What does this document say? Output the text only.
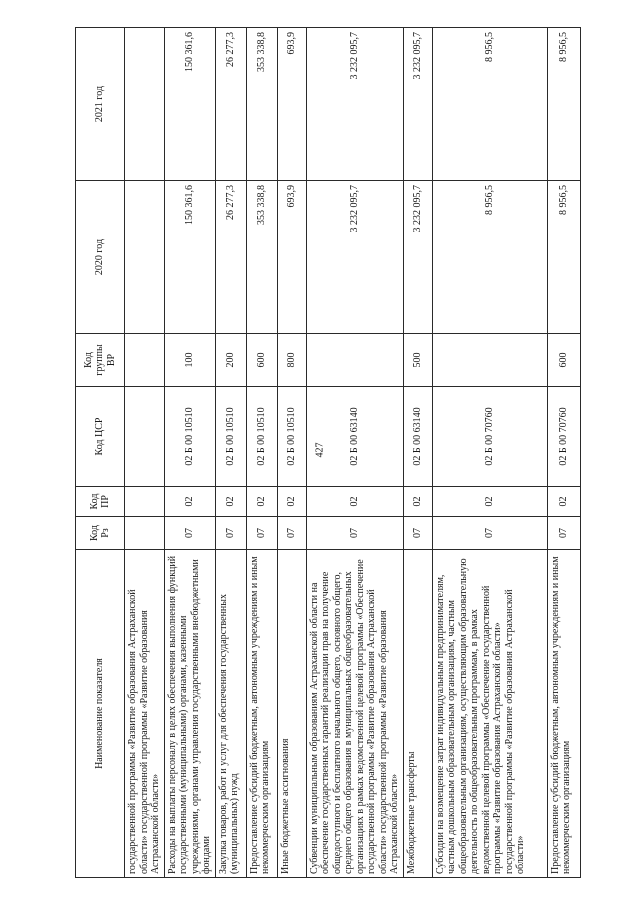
427
Наименование показателя	Код Рз	Код ПР	Код ЦСР	Код группы ВР	2020 год	2021 год
государственной программы «Развитие образования Астраханской области» государственной программы «Развитие образования Астраханской области»						
Расходы на выплаты персоналу в целях обеспечения выполнения функций государственными (муниципальными) органами, казенными учреждениями, органами управления государственными внебюджетными фондами	07	02	02 Б 00 10510	100	150 361,6	150 361,6
Закупка товаров, работ и услуг для обеспечения государственных (муниципальных) нужд	07	02	02 Б 00 10510	200	26 277,3	26 277,3
Предоставление субсидий бюджетным, автономным учреждениям и иным некоммерческим организациям	07	02	02 Б 00 10510	600	353 338,8	353 338,8
Иные бюджетные ассигнования	07	02	02 Б 00 10510	800	693,9	693,9
Субвенции муниципальным образованиям Астраханской области на обеспечение государственных гарантий реализации прав на получение общедоступного и бесплатного начального общего, основного общего, среднего общего образования в муниципальных общеобразовательных организациях в рамках ведомственной целевой программы «Обеспечение государственной программы «Развитие образования Астраханской области» государственной программы «Развитие образования Астраханской области»	07	02	02 Б 00 63140		3 232 095,7	3 232 095,7
Межбюджетные трансферты	07	02	02 Б 00 63140	500	3 232 095,7	3 232 095,7
Субсидии на возмещение затрат индивидуальным предпринимателям, частным дошкольным образовательным организациям, частным общеобразовательным организациям, осуществляющим образовательную деятельность по общеобразовательным программам, в рамках ведомственной целевой программы «Обеспечение государственной программы «Развитие образования Астраханской области» государственной программы «Развитие образования Астраханской области»	07	02	02 Б 00 70760		8 956,5	8 956,5
Предоставление субсидий бюджетным, автономным учреждениям и иным некоммерческим организациям	07	02	02 Б 00 70760	600	8 956,5	8 956,5
